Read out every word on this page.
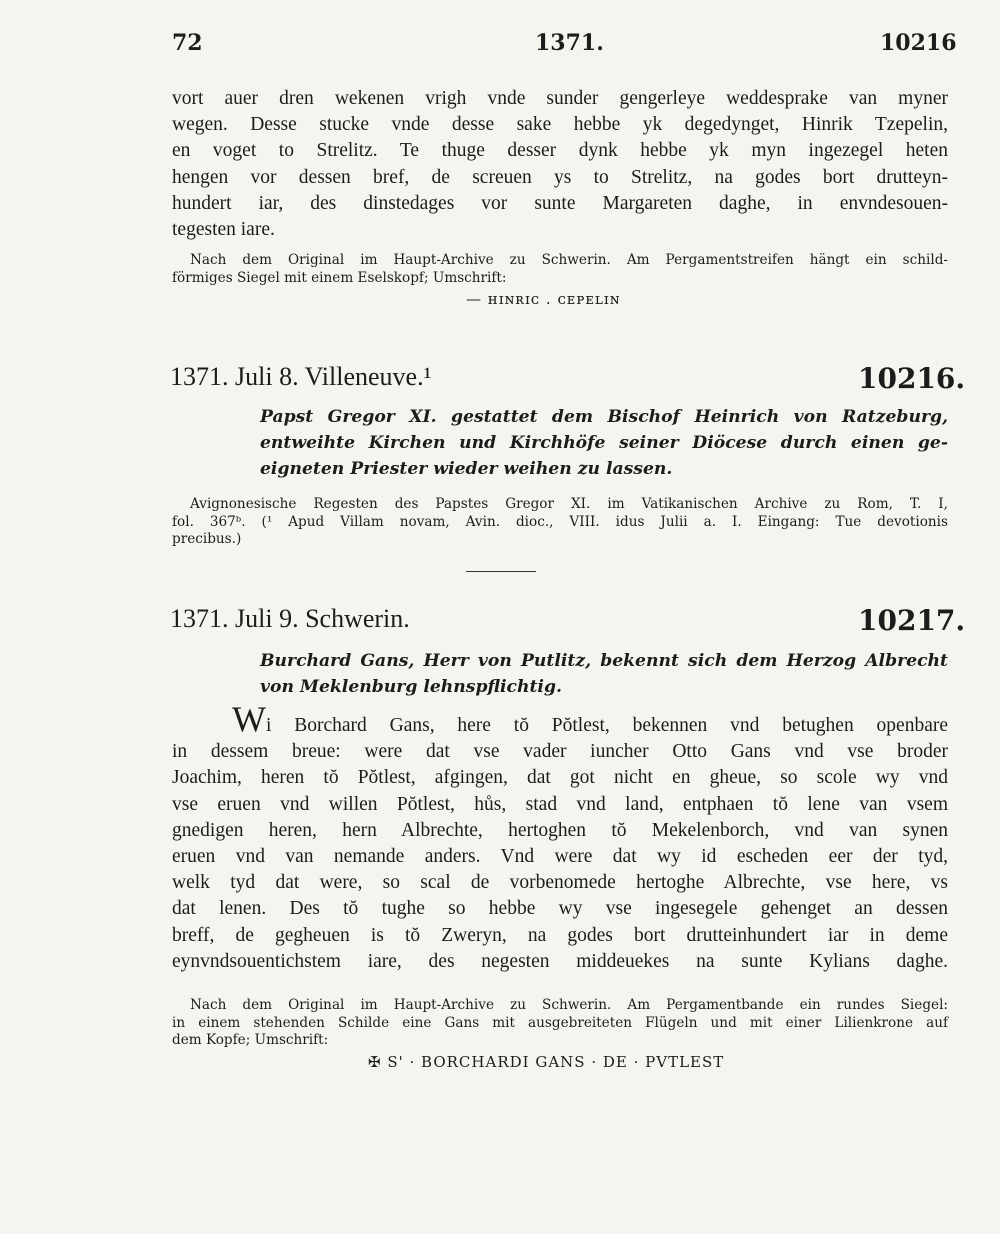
72	1371.	10216
vort auer dren wekenen vrigh vnde sunder gengerleye weddesprake van myner
wegen. Desse stucke vnde desse sake hebbe yk degedynget, Hinrik Tzepelin,
en voget to Strelitz. Te thuge desser dynk hebbe yk myn ingezegel heten
hengen vor dessen bref, de screuen ys to Strelitz, na godes bort drutteyn-
hundert iar, des dinstedages vor sunte Margareten daghe, in envndesouen-
tegesten iare.
Nach dem Original im Haupt-Archive zu Schwerin. Am Pergamentstreifen hängt ein schild-
förmiges Siegel mit einem Eselskopf; Umschrift:
— ʜɪɴʀɪᴄ . ᴄᴇᴘᴇʟɪɴ
1371. Juli 8. Villeneuve.¹	10216.
Papst Gregor XI. gestattet dem Bischof Heinrich von Ratzeburg,
entweihte Kirchen und Kirchhöfe seiner Diöcese durch einen ge-
eigneten Priester wieder weihen zu lassen.
Avignonesische Regesten des Papstes Gregor XI. im Vatikanischen Archive zu Rom, T. I,
fol. 367ᵇ. (¹ Apud Villam novam, Avin. dioc., VIII. idus Julii a. I. Eingang: Tue devotionis
precibus.)
1371. Juli 9. Schwerin.	10217.
Burchard Gans, Herr von Putlitz, bekennt sich dem Herzog Albrecht
von Meklenburg lehnspflichtig.
Wi Borchard Gans, here tŏ Pŏtlest, bekennen vnd betughen openbare
in dessem breue: were dat vse vader iuncher Otto Gans vnd vse broder
Joachim, heren tŏ Pŏtlest, afgingen, dat got nicht en gheue, so scole wy vnd
vse eruen vnd willen Pŏtlest, hůs, stad vnd land, entphaen tŏ lene van vsem
gnedigen heren, hern Albrechte, hertoghen tŏ Mekelenborch, vnd van synen
eruen vnd van nemande anders. Vnd were dat wy id escheden eer der tyd,
welk tyd dat were, so scal de vorbenomede hertoghe Albrechte, vse here, vs
dat lenen. Des tŏ tughe so hebbe wy vse ingesegele gehenget an dessen
breff, de gegheuen is tŏ Zweryn, na godes bort drutteinhundert iar in deme
eynvndsouentichstem iare, des negesten middeuekes na sunte Kylians daghe.
Nach dem Original im Haupt-Archive zu Schwerin. Am Pergamentbande ein rundes Siegel:
in einem stehenden Schilde eine Gans mit ausgebreiteten Flügeln und mit einer Lilienkrone auf
dem Kopfe; Umschrift:
✠ S' · BORCHARDI GANS · DE · PVTLEST
